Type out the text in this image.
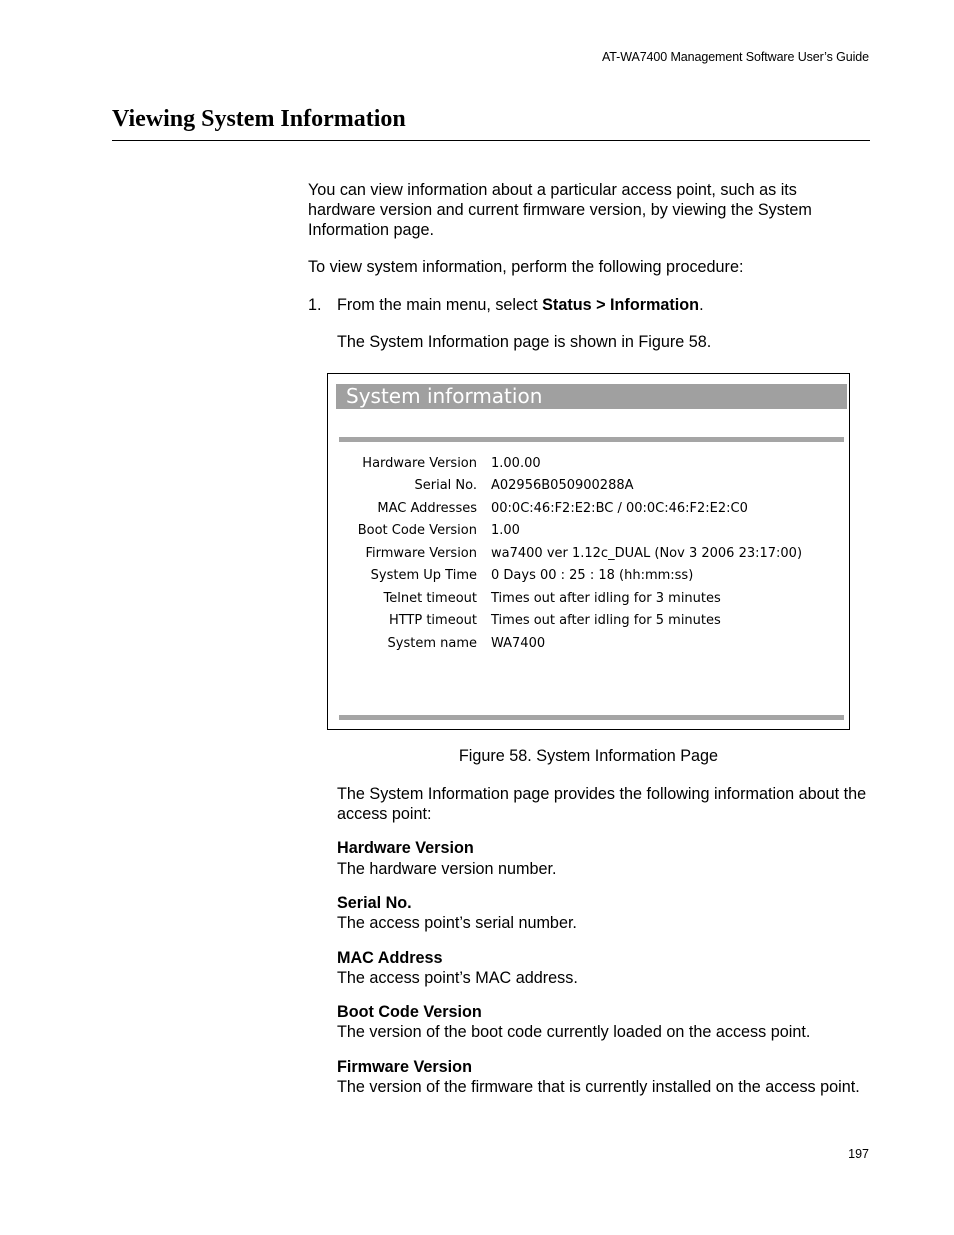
AT-WA7400 Management Software User’s Guide
Viewing System Information

You can view information about a particular access point, such as its hardware version and current firmware version, by viewing the System Information page.

To view system information, perform the following procedure:

1. From the main menu, select Status > Information.

The System Information page is shown in Figure 58.

System information
Hardware Version	1.00.00
Serial No.	A02956B050900288A
MAC Addresses	00:0C:46:F2:E2:BC / 00:0C:46:F2:E2:C0
Boot Code Version	1.00
Firmware Version	wa7400 ver 1.12c_DUAL (Nov 3 2006 23:17:00)
System Up Time	0 Days 00 : 25 : 18 (hh:mm:ss)
Telnet timeout	Times out after idling for 3 minutes
HTTP timeout	Times out after idling for 5 minutes
System name	WA7400

Figure 58. System Information Page

The System Information page provides the following information about the access point:

Hardware Version

The hardware version number.

Serial No.

The access point’s serial number.

MAC Address

The access point’s MAC address.

Boot Code Version

The version of the boot code currently loaded on the access point.

Firmware Version

The version of the firmware that is currently installed on the access point.

197
